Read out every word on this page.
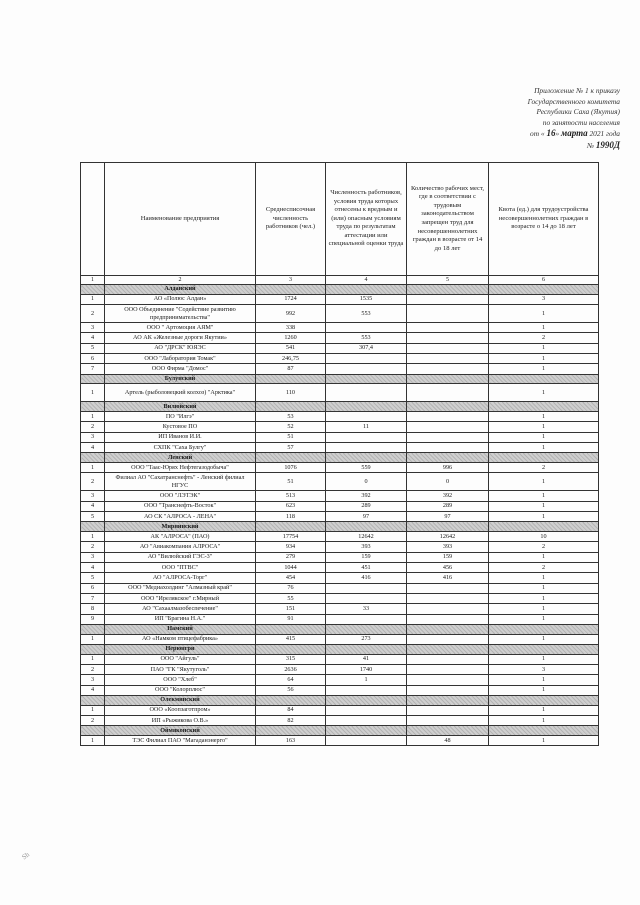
Приложение № 1 к приказу
Государственного комитета
Республики Саха (Якутия)
по занятости населения
от « 16» марта 2021 года
№ 1990Д
	Наименование предприятия	Среднесписочная численность работников (чел.)	Численность работников, условия труда которых отнесены к вредным и (или) опасным условиям труда по результатам аттестации или специальной оценки труда	Количество рабочих мест, где в соответствии с трудовым законодательством запрещен труд для несовершеннолетних граждан в возрасте от 14 до 18 лет	Квота (ед.) для трудоустройства несовершеннолетних граждан в возрасте о 14 до 18 лет
1	2	3	4	5	6
	Алданский				
1	АО «Полюс Алдан»	1724	1535		3
2	ООО Объединение "Содействие развитию предпринимательства"	992	553		1
3	ООО " Артомоция АЯМ"	338			1
4	АО АК «Железные дороги Якутии»	1260	553		2
5	АО "ДРСК" ЮЯЭС	541	307,4		1
6	ООО "Лаборатория Томак"	246,75			1
7	ООО Фирма "Домос"	87			1
	Булунский				
1	Артель (рыболовецкий колхоз) "Арктика"	110			1
	Вилюйский				
1	ПО "Илгэ"	53			1
2	Кустовое ПО	52	11		1
3	ИП Иванов И.И.	51			1
4	СХПК "Саха Булгу"	57			1
	Ленский				
1	ООО "Таас-Юрях Нефтегазодобыча"	1076	559	996	2
2	Филиал АО "Сахатранснефть" - Ленский филиал НГУС	51	0	0	1
3	ООО "ЛЭТЭК"	513	392	392	1
4	ООО "Транснефть-Восток"	623	289	289	1
5	АО СК "АЛРОСА - ЛЕНА"	118	97	97	1
	Мирнинский				
1	АК "АЛРОСА" (ПАО)	17754	12642	12642	10
2	АО "Авиакомпания АЛРОСА"	934	393	393	2
3	АО "Вилюйский ГЭС-3"	279	159	159	1
4	ООО "ПТВС"	1044	451	456	2
5	АО "АЛРОСА-Торг"	454	416	416	1
6	ООО "Медиахолдинг "Алмазный край"	76			1
7	ООО "Ирелякское" г.Мирный	55			1
8	АО "Сахаалмазобеспечение"	151	33		1
9	ИП "Брагина Н.А."	91			1
	Намский				
1	АО «Намком птицефабрика»	415	273		1
	Нерюнгри				
1	ООО "Айгуль"	315	41		1
2	ПАО "ГК "Якутуголь"	2636	1740		3
3	ООО "Хлеб"	64	1		1
4	ООО "Колорплюс"	56			1
	Олекминский				
1	ООО «Коопзаготпром»	84			1
2	ИП «Рыжикова О.В.»	82			1
	Оймяконский				
1	ТЭС Филиал ПАО "Магаданэнерго"	163		48	1
Sh
